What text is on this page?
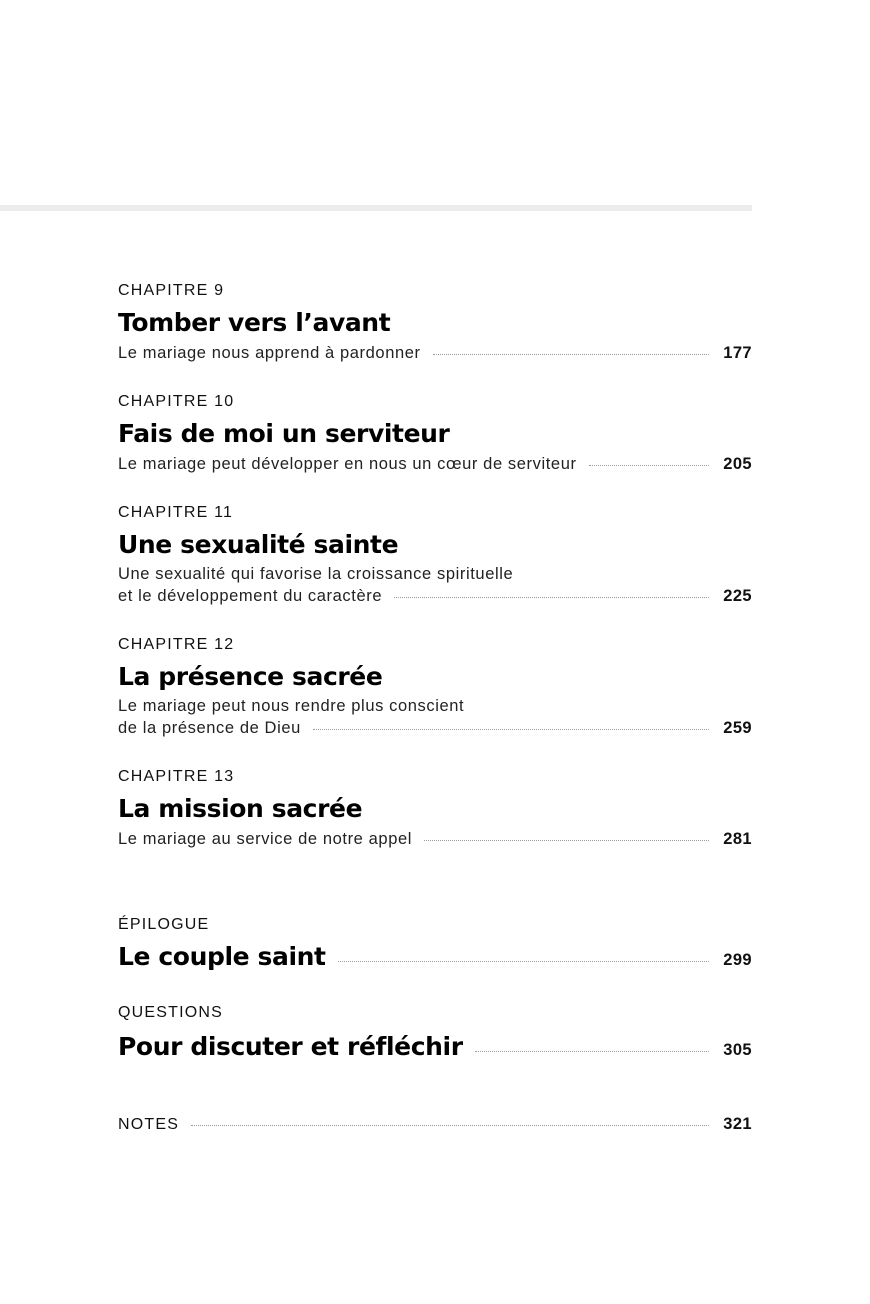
CHAPITRE 9
Tomber vers l’avant
Le mariage nous apprend à pardonner	177
CHAPITRE 10
Fais de moi un serviteur
Le mariage peut développer en nous un cœur de serviteur	205
CHAPITRE 11
Une sexualité sainte
Une sexualité qui favorise la croissance spirituelle
et le développement du caractère	225
CHAPITRE 12
La présence sacrée
Le mariage peut nous rendre plus conscient
de la présence de Dieu	259
CHAPITRE 13
La mission sacrée
Le mariage au service de notre appel	281
ÉPILOGUE
Le couple saint	299
QUESTIONS
Pour discuter et réfléchir	305
NOTES	321
